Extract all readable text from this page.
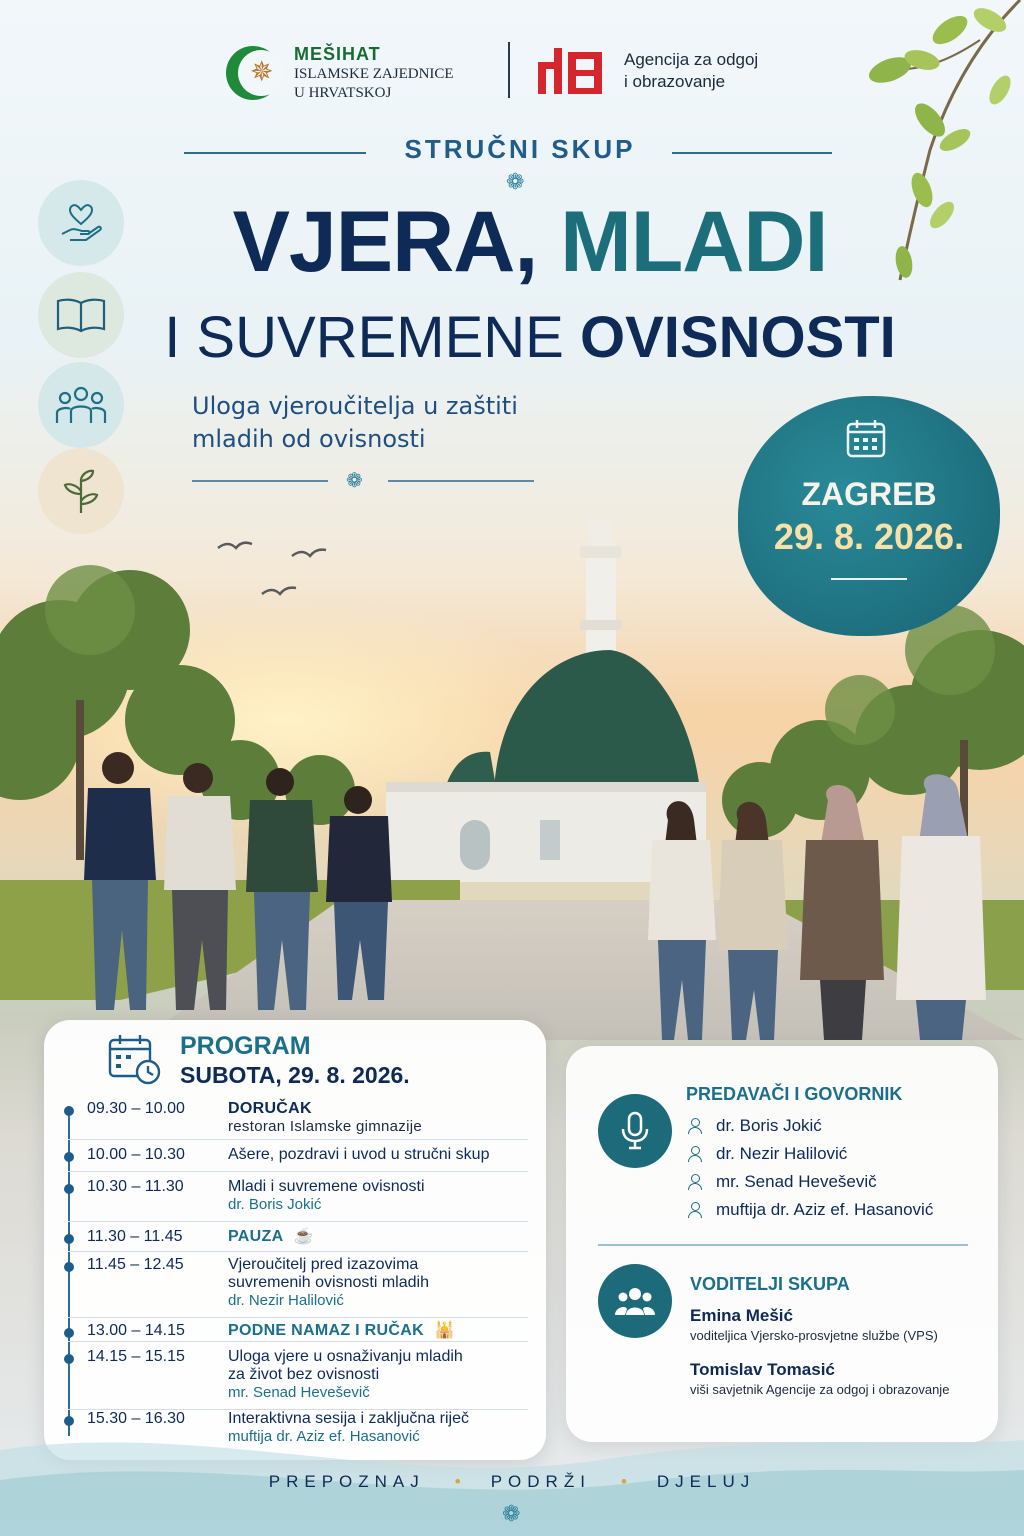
✵
MEŠIHAT
ISLAMSKE ZAJEDNICE
U HRVATSKOJ
Agencija za odgoj
i obrazovanje
STRUČNI SKUP
❁
VJERA, MLADI
I SUVREMENE OVISNOSTI
Uloga vjeroučitelja u zaštiti
mladih od ovisnosti
❁	ZAGREB
29. 8. 2026.
PROGRAM
SUBOTA, 29. 8. 2026.
09.30 – 10.00	DORUČAK
restoran Islamske gimnazije
10.00 – 10.30	Ašere, pozdravi i uvod u stručni skup
10.30 – 11.30	Mladi i suvremene ovisnosti
dr. Boris Jokić
11.30 – 11.45	PAUZA ☕
11.45 – 12.45	Vjeroučitelj pred izazovima
suvremenih ovisnosti mladih
dr. Nezir Halilović
13.00 – 14.15	PODNE NAMAZ I RUČAK 🕌
14.15 – 15.15	Uloga vjere u osnaživanju mladih
za život bez ovisnosti
mr. Senad Heveševič
15.30 – 16.30	Interaktivna sesija i zaključna riječ
muftija dr. Aziz ef. Hasanović
PREDAVAČI I GOVORNIK
dr. Boris Jokić
dr. Nezir Halilović
mr. Senad Heveševič
muftija dr. Aziz ef. Hasanović
VODITELJI SKUPA
Emina Mešić
voditeljica Vjersko-prosvjetne službe (VPS)
Tomislav Tomasić
viši savjetnik Agencije za odgoj i obrazovanje
PREPOZNAJ • PODRŽI • DJELUJ
❁
